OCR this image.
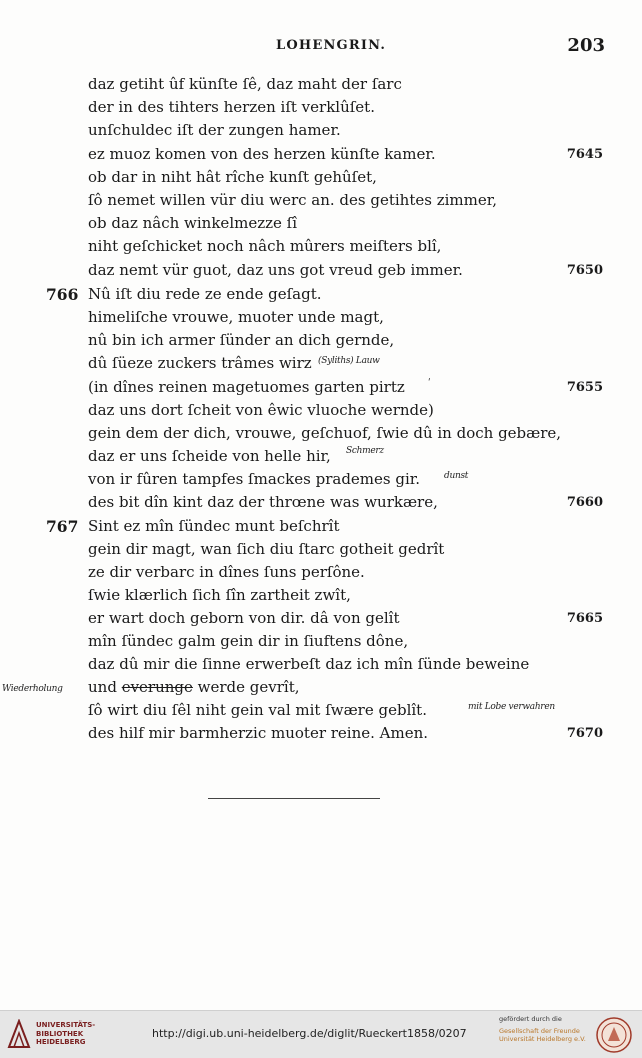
LOHENGRIN.	203
daz getiht ûf künſte ſê, daz maht der ſarc
der in des tihters herzen iſt verklûſet.
unſchuldec iſt der zungen hamer.
ez muoz komen von des herzen künſte kamer.	7645
ob dar in niht hât rîche kunſt gehûſet,
ſô nemet willen vür diu werc an. des getihtes zimmer,
ob daz nâch winkelmezze ſî
niht geſchicket noch nâch mûrers meiſters blî,
daz nemt vür guot, daz uns got vreud geb immer.	7650
766 Nû iſt diu rede ze ende geſagt.
himeliſche vrouwe, muoter unde magt,
nû bin ich armer ſünder an dich gernde,
dû ſüeze zuckers trâmes wirz (Syliths) Lauw
(in dînes reinen magetuomes garten pirtz	ꞌ	7655
daz uns dort ſcheit von êwic vluoche wernde)
gein dem der dich, vrouwe, geſchuof, ſwie dû in doch gebære,
daz er uns ſcheide von helle hir, Schmerz
von ir fûren tampfes ſmackes prademes gir.	dunst
des bit dîn kint daz der thrœne was wurkære,	7660
767 Sint ez mîn ſündec munt beſchrît
gein dir magt, wan ſich diu ſtarc gotheit gedrît
ze dir verbarc in dînes ſuns perſône.
ſwie klærlich ſich ſîn zartheit zwît,
er wart doch geborn von dir. dâ von gelît	7665
mîn ſündec galm gein dir in ſiuftens dône,
daz dû mir die ſinne erwerbeſt daz ich mîn ſünde beweine
Wiederholung und everunge werde gevrît,
ſô wirt diu ſêl niht gein val mit ſwære geblît.	mit Lobe verwahren
des hilf mir barmherzic muoter reine. Amen.	7670
UNIVERSITÄTS-
BIBLIOTHEK
HEIDELBERG
http://digi.ub.uni-heidelberg.de/diglit/Rueckert1858/0207
gefördert durch die
Gesellschaft der Freunde
Universität Heidelberg e.V.
